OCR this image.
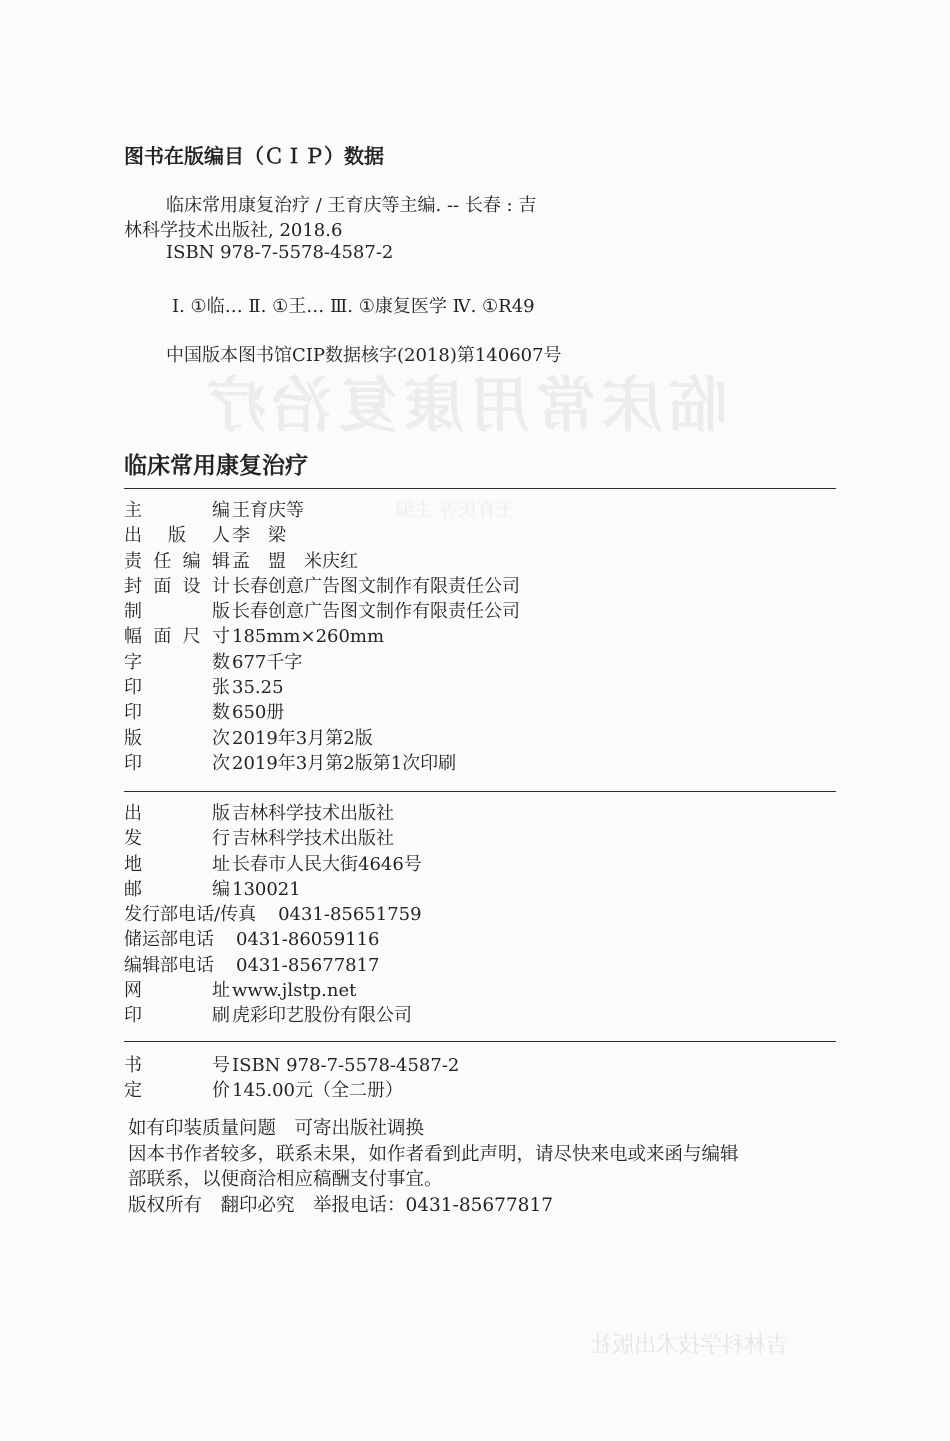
临床常用康复治疗
王育庆等 主编
吉林科学技术出版社
图书在版编目（ＣＩＰ）数据
临床常用康复治疗 / 王育庆等主编. -- 长春 : 吉
林科学技术出版社, 2018.6
ISBN 978-7-5578-4587-2
Ⅰ. ①临… Ⅱ. ①王… Ⅲ. ①康复医学 Ⅳ. ①R49
中国版本图书馆CIP数据核字(2018)第140607号
临床常用康复治疗
主	编 王育庆等
出 版 人 李　梁
责 任 编 辑 孟　盟　米庆红
封 面 设 计 长春创意广告图文制作有限责任公司
制	版 长春创意广告图文制作有限责任公司
幅 面 尺 寸 185mm×260mm
字	数 677千字
印	张 35.25
印	数 650册
版	次 2019年3月第2版
印	次 2019年3月第2版第1次印刷
出	版 吉林科学技术出版社
发	行 吉林科学技术出版社
地	址 长春市人民大街4646号
邮	编 130021
发行部电话/传真 0431-85651759
储运部电话 0431-86059116
编辑部电话 0431-85677817
网	址 www.jlstp.net
印	刷 虎彩印艺股份有限公司
书	号 ISBN 978-7-5578-4587-2
定	价 145.00元（全二册）
如有印装质量问题　可寄出版社调换
因本书作者较多，联系未果，如作者看到此声明，请尽快来电或来函与编辑
部联系，以便商洽相应稿酬支付事宜。
版权所有　翻印必究　举报电话：0431-85677817
